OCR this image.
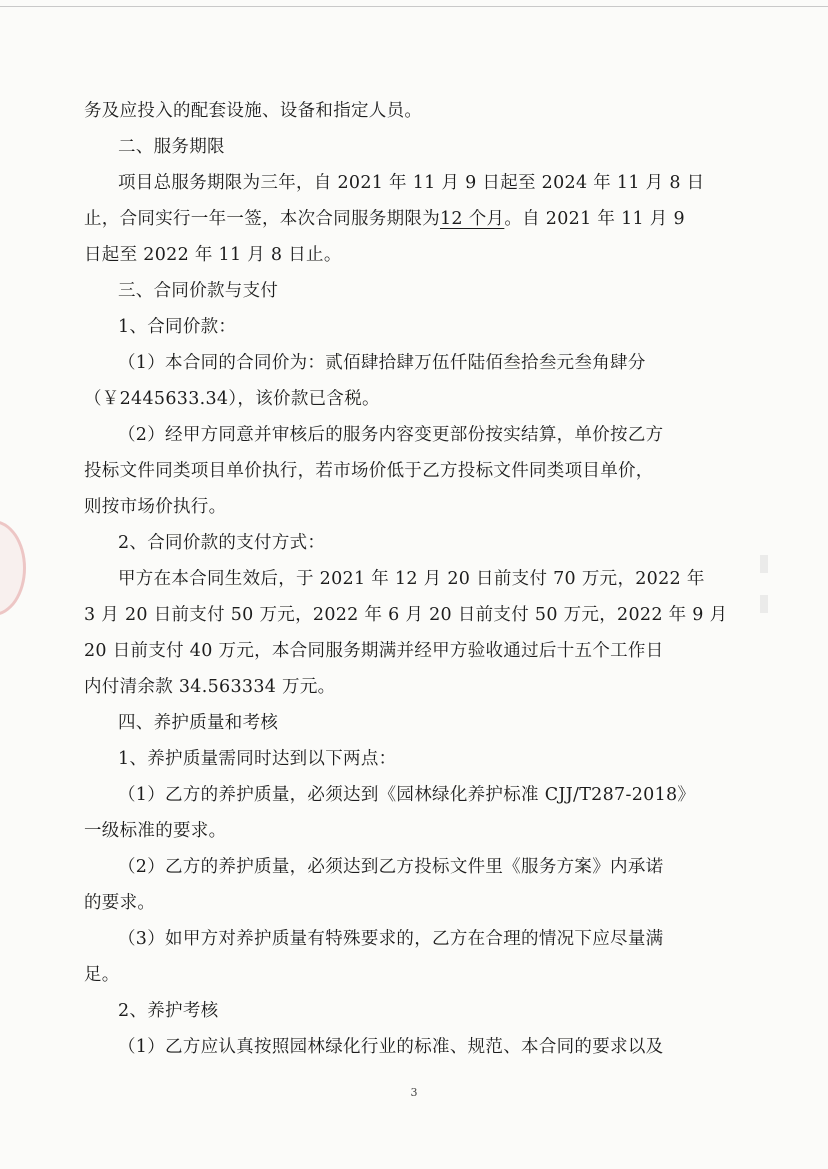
务及应投入的配套设施、设备和指定人员。
二、服务期限
项目总服务期限为三年，自 2021 年 11 月 9 日起至 2024 年 11 月 8 日
止，合同实行一年一签，本次合同服务期限为12 个月。自 2021 年 11 月 9
日起至 2022 年 11 月 8 日止。
三、合同价款与支付
1、合同价款：
（1）本合同的合同价为：贰佰肆拾肆万伍仟陆佰叁拾叁元叁角肆分
（￥2445633.34），该价款已含税。
（2）经甲方同意并审核后的服务内容变更部份按实结算，单价按乙方
投标文件同类项目单价执行，若市场价低于乙方投标文件同类项目单价，
则按市场价执行。
2、合同价款的支付方式：
甲方在本合同生效后，于 2021 年 12 月 20 日前支付 70 万元，2022 年
3 月 20 日前支付 50 万元，2022 年 6 月 20 日前支付 50 万元，2022 年 9 月
20 日前支付 40 万元，本合同服务期满并经甲方验收通过后十五个工作日
内付清余款 34.563334 万元。
四、养护质量和考核
1、养护质量需同时达到以下两点：
（1）乙方的养护质量，必须达到《园林绿化养护标准 CJJ/T287-2018》
一级标准的要求。
（2）乙方的养护质量，必须达到乙方投标文件里《服务方案》内承诺
的要求。
（3）如甲方对养护质量有特殊要求的，乙方在合理的情况下应尽量满
足。
2、养护考核
（1）乙方应认真按照园林绿化行业的标准、规范、本合同的要求以及
3
